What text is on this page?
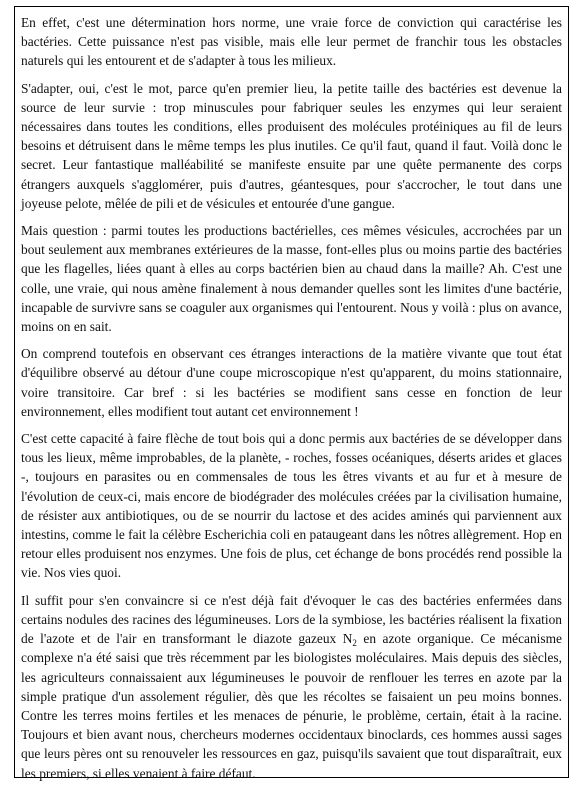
En effet, c'est une détermination hors norme, une vraie force de conviction qui caractérise les bactéries. Cette puissance n'est pas visible, mais elle leur permet de franchir tous les obstacles naturels qui les entourent et de s'adapter à tous les milieux.

S'adapter, oui, c'est le mot, parce qu'en premier lieu, la petite taille des bactéries est devenue la source de leur survie : trop minuscules pour fabriquer seules les enzymes qui leur seraient nécessaires dans toutes les conditions, elles produisent des molécules protéiniques au fil de leurs besoins et détruisent dans le même temps les plus inutiles. Ce qu'il faut, quand il faut. Voilà donc le secret. Leur fantastique malléabilité se manifeste ensuite par une quête permanente des corps étrangers auxquels s'agglomérer, puis d'autres, géantesques, pour s'accrocher, le tout dans une joyeuse pelote, mêlée de pili et de vésicules et entourée d'une gangue.

Mais question : parmi toutes les productions bactérielles, ces mêmes vésicules, accrochées par un bout seulement aux membranes extérieures de la masse, font-elles plus ou moins partie des bactéries que les flagelles, liées quant à elles au corps bactérien bien au chaud dans la maille? Ah. C'est une colle, une vraie, qui nous amène finalement à nous demander quelles sont les limites d'une bactérie, incapable de survivre sans se coaguler aux organismes qui l'entourent. Nous y voilà : plus on avance, moins on en sait.

On comprend toutefois en observant ces étranges interactions de la matière vivante que tout état d'équilibre observé au détour d'une coupe microscopique n'est qu'apparent, du moins stationnaire, voire transitoire. Car bref : si les bactéries se modifient sans cesse en fonction de leur environnement, elles modifient tout autant cet environnement !

C'est cette capacité à faire flèche de tout bois qui a donc permis aux bactéries de se développer dans tous les lieux, même improbables, de la planète, - roches, fosses océaniques, déserts arides et glaces -, toujours en parasites ou en commensales de tous les êtres vivants et au fur et à mesure de l'évolution de ceux-ci, mais encore de biodégrader des molécules créées par la civilisation humaine, de résister aux antibiotiques, ou de se nourrir du lactose et des acides aminés qui parviennent aux intestins, comme le fait la célèbre Escherichia coli en pataugeant dans les nôtres allègrement. Hop en retour elles produisent nos enzymes. Une fois de plus, cet échange de bons procédés rend possible la vie. Nos vies quoi.

Il suffit pour s'en convaincre si ce n'est déjà fait d'évoquer le cas des bactéries enfermées dans certains nodules des racines des légumineuses. Lors de la symbiose, les bactéries réalisent la fixation de l'azote et de l'air en transformant le diazote gazeux $N_2$ en azote organique. Ce mécanisme complexe n'a été saisi que très récemment par les biologistes moléculaires. Mais depuis des siècles, les agriculteurs connaissaient aux légumineuses le pouvoir de renflouer les terres en azote par la simple pratique d'un assolement régulier, dès que les récoltes se faisaient un peu moins bonnes. Contre les terres moins fertiles et les menaces de pénurie, le problème, certain, était à la racine. Toujours et bien avant nous, chercheurs modernes occidentaux binoclards, ces hommes aussi sages que leurs pères ont su renouveler les ressources en gaz, puisqu'ils savaient que tout disparaîtrait, eux les premiers, si elles venaient à faire défaut.
